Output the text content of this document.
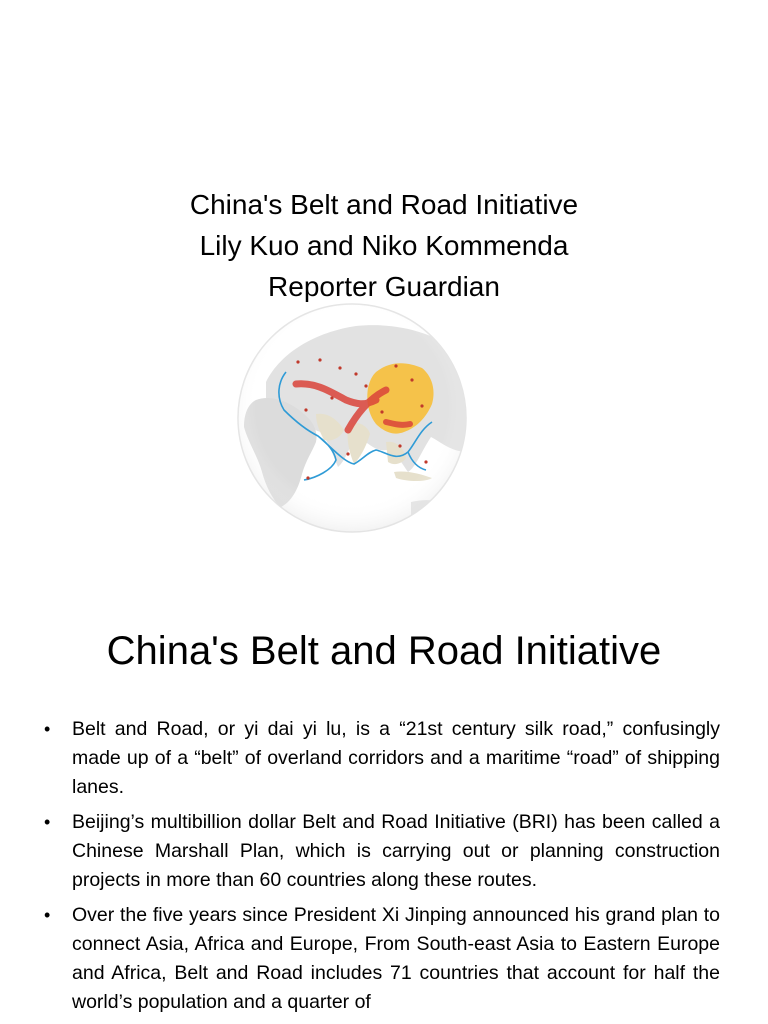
China's Belt and Road Initiative
Lily Kuo and Niko Kommenda
Reporter Guardian
China's Belt and Road Initiative
• Belt and Road, or yi dai yi lu, is a “21st century silk road,” confusingly made up of a “belt” of overland corridors and a maritime “road” of shipping lanes.
• Beijing’s multibillion dollar Belt and Road Initiative (BRI) has been called a Chinese Marshall Plan, which is carrying out or planning construction projects in more than 60 countries along these routes.
• Over the five years since President Xi Jinping announced his grand plan to connect Asia, Africa and Europe, From South-east Asia to Eastern Europe and Africa, Belt and Road includes 71 countries that account for half the world’s population and a quarter of
